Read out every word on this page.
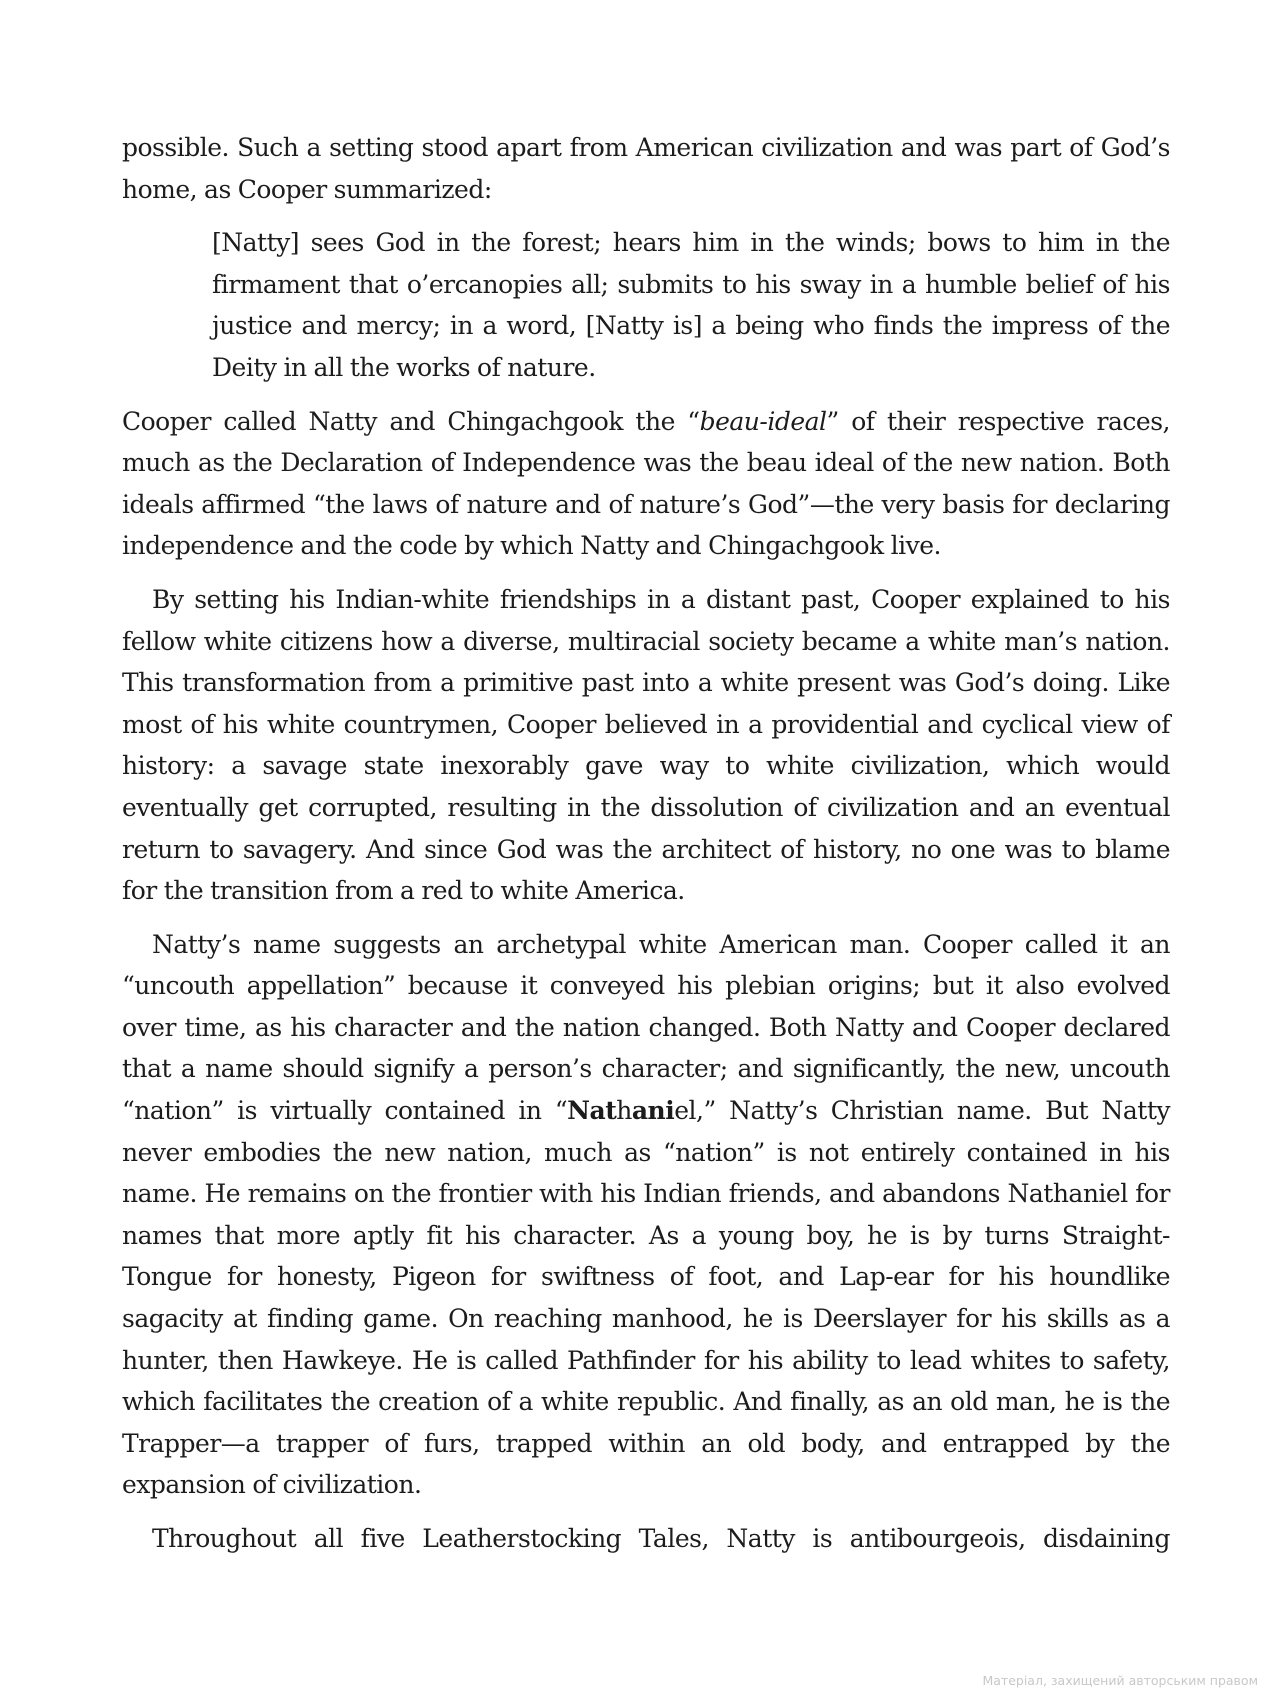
possible. Such a setting stood apart from American civilization and was part of God’s home, as Cooper summarized:

[Natty] sees God in the forest; hears him in the winds; bows to him in the firmament that o’ercanopies all; submits to his sway in a humble belief of his justice and mercy; in a word, [Natty is] a being who finds the impress of the Deity in all the works of nature.

Cooper called Natty and Chingachgook the “beau-ideal” of their respective races, much as the Declaration of Independence was the beau ideal of the new nation. Both ideals affirmed “the laws of nature and of nature’s God”—the very basis for declaring independence and the code by which Natty and Chingachgook live.

By setting his Indian-white friendships in a distant past, Cooper explained to his fellow white citizens how a diverse, multiracial society became a white man’s nation. This transformation from a primitive past into a white present was God’s doing. Like most of his white countrymen, Cooper believed in a providential and cyclical view of history: a savage state inexorably gave way to white civilization, which would eventually get corrupted, resulting in the dissolution of civilization and an eventual return to savagery. And since God was the architect of history, no one was to blame for the transition from a red to white America.

Natty’s name suggests an archetypal white American man. Cooper called it an “uncouth appellation” because it conveyed his plebian origins; but it also evolved over time, as his character and the nation changed. Both Natty and Cooper declared that a name should signify a person’s character; and significantly, the new, uncouth “nation” is virtually contained in “Nathaniel,” Natty’s Christian name. But Natty never embodies the new nation, much as “nation” is not entirely contained in his name. He remains on the frontier with his Indian friends, and abandons Nathaniel for names that more aptly fit his character. As a young boy, he is by turns Straight-Tongue for honesty, Pigeon for swiftness of foot, and Lap-ear for his houndlike sagacity at finding game. On reaching manhood, he is Deerslayer for his skills as a hunter, then Hawkeye. He is called Pathfinder for his ability to lead whites to safety, which facilitates the creation of a white republic. And finally, as an old man, he is the Trapper—a trapper of furs, trapped within an old body, and entrapped by the expansion of civilization.

Throughout all five Leatherstocking Tales, Natty is antibourgeois, disdaining

Матеріал, захищений авторським правом
